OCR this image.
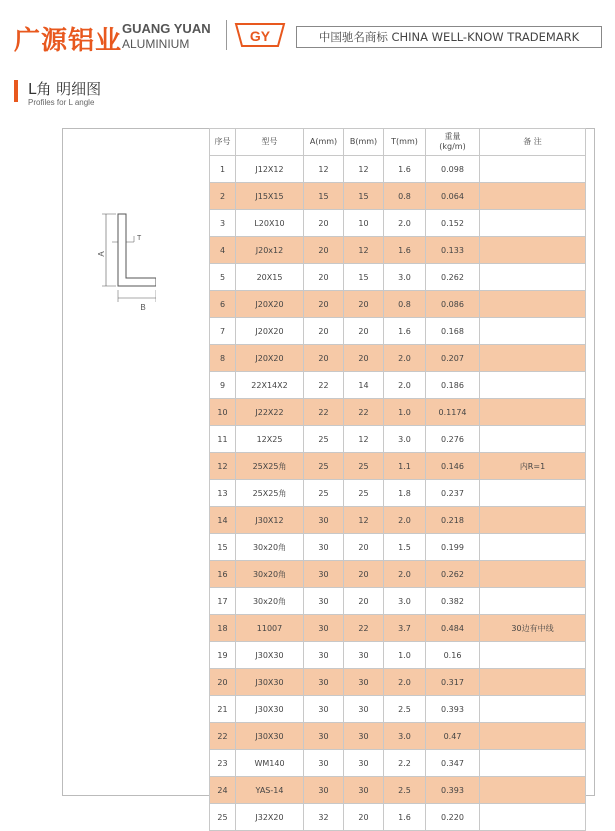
广源铝业 GUANG YUAN
ALUMINIUM	GY	中国驰名商标 CHINA WELL-KNOW TRADEMARK
L角 明细图
Profiles for L angle
A
T
B
序号	型号	A(mm)	B(mm)	T(mm)	重量
(kg/m)	备 注
1	J12X12	12	12	1.6	0.098	
2	J15X15	15	15	0.8	0.064	
3	L20X10	20	10	2.0	0.152	
4	J20x12	20	12	1.6	0.133	
5	20X15	20	15	3.0	0.262	
6	J20X20	20	20	0.8	0.086	
7	J20X20	20	20	1.6	0.168	
8	J20X20	20	20	2.0	0.207	
9	22X14X2	22	14	2.0	0.186	
10	J22X22	22	22	1.0	0.1174	
11	12X25	25	12	3.0	0.276	
12	25X25角	25	25	1.1	0.146	内R=1
13	25X25角	25	25	1.8	0.237	
14	J30X12	30	12	2.0	0.218	
15	30x20角	30	20	1.5	0.199	
16	30x20角	30	20	2.0	0.262	
17	30x20角	30	20	3.0	0.382	
18	11007	30	22	3.7	0.484	30边有中线
19	J30X30	30	30	1.0	0.16	
20	J30X30	30	30	2.0	0.317	
21	J30X30	30	30	2.5	0.393	
22	J30X30	30	30	3.0	0.47	
23	WM140	30	30	2.2	0.347	
24	YAS-14	30	30	2.5	0.393	
25	J32X20	32	20	1.6	0.220	
